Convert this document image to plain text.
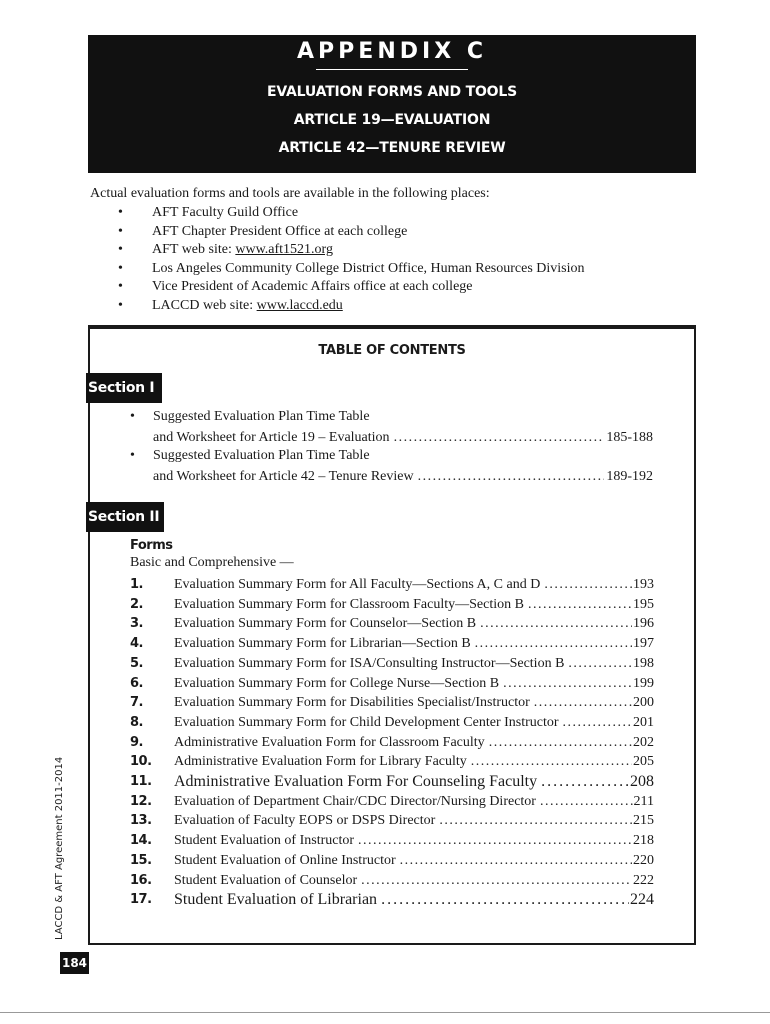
APPENDIX C
EVALUATION FORMS AND TOOLS
ARTICLE 19—EVALUATION
ARTICLE 42—TENURE REVIEW
Actual evaluation forms and tools are available in the following places:
• AFT Faculty Guild Office
• AFT Chapter President Office at each college
• AFT web site: www.aft1521.org
• Los Angeles Community College District Office, Human Resources Division
• Vice President of Academic Affairs office at each college
• LACCD web site: www.laccd.edu
TABLE OF CONTENTS
Section I
• Suggested Evaluation Plan Time Table
and Worksheet for Article 19 – Evaluation . . .	185-188
• Suggested Evaluation Plan Time Table
and Worksheet for Article 42 – Tenure Review . . .	189-192
Section II
Forms
Basic and Comprehensive —
1.	Evaluation Summary Form for All Faculty—Sections A, C and D . . .	193
2.	Evaluation Summary Form for Classroom Faculty—Section B . . .	195
3.	Evaluation Summary Form for Counselor—Section B . . .	196
4.	Evaluation Summary Form for Librarian—Section B . . .	197
5.	Evaluation Summary Form for ISA/Consulting Instructor—Section B . . .	198
6.	Evaluation Summary Form for College Nurse—Section B . . .	199
7.	Evaluation Summary Form for Disabilities Specialist/Instructor . . .	200
8.	Evaluation Summary Form for Child Development Center Instructor . . .	201
9.	Administrative Evaluation Form for Classroom Faculty . . .	202
10.	Administrative Evaluation Form for Library Faculty . . .	205
11.	Administrative Evaluation Form For Counseling Faculty . . .	208
12.	Evaluation of Department Chair/CDC Director/Nursing Director . . .	211
13.	Evaluation of Faculty EOPS or DSPS Director . . .	215
14.	Student Evaluation of Instructor . . .	218
15.	Student Evaluation of Online Instructor . . .	220
16.	Student Evaluation of Counselor . . .	222
17.	Student Evaluation of Librarian . . .	224
LACCD & AFT Agreement 2011-2014
184
